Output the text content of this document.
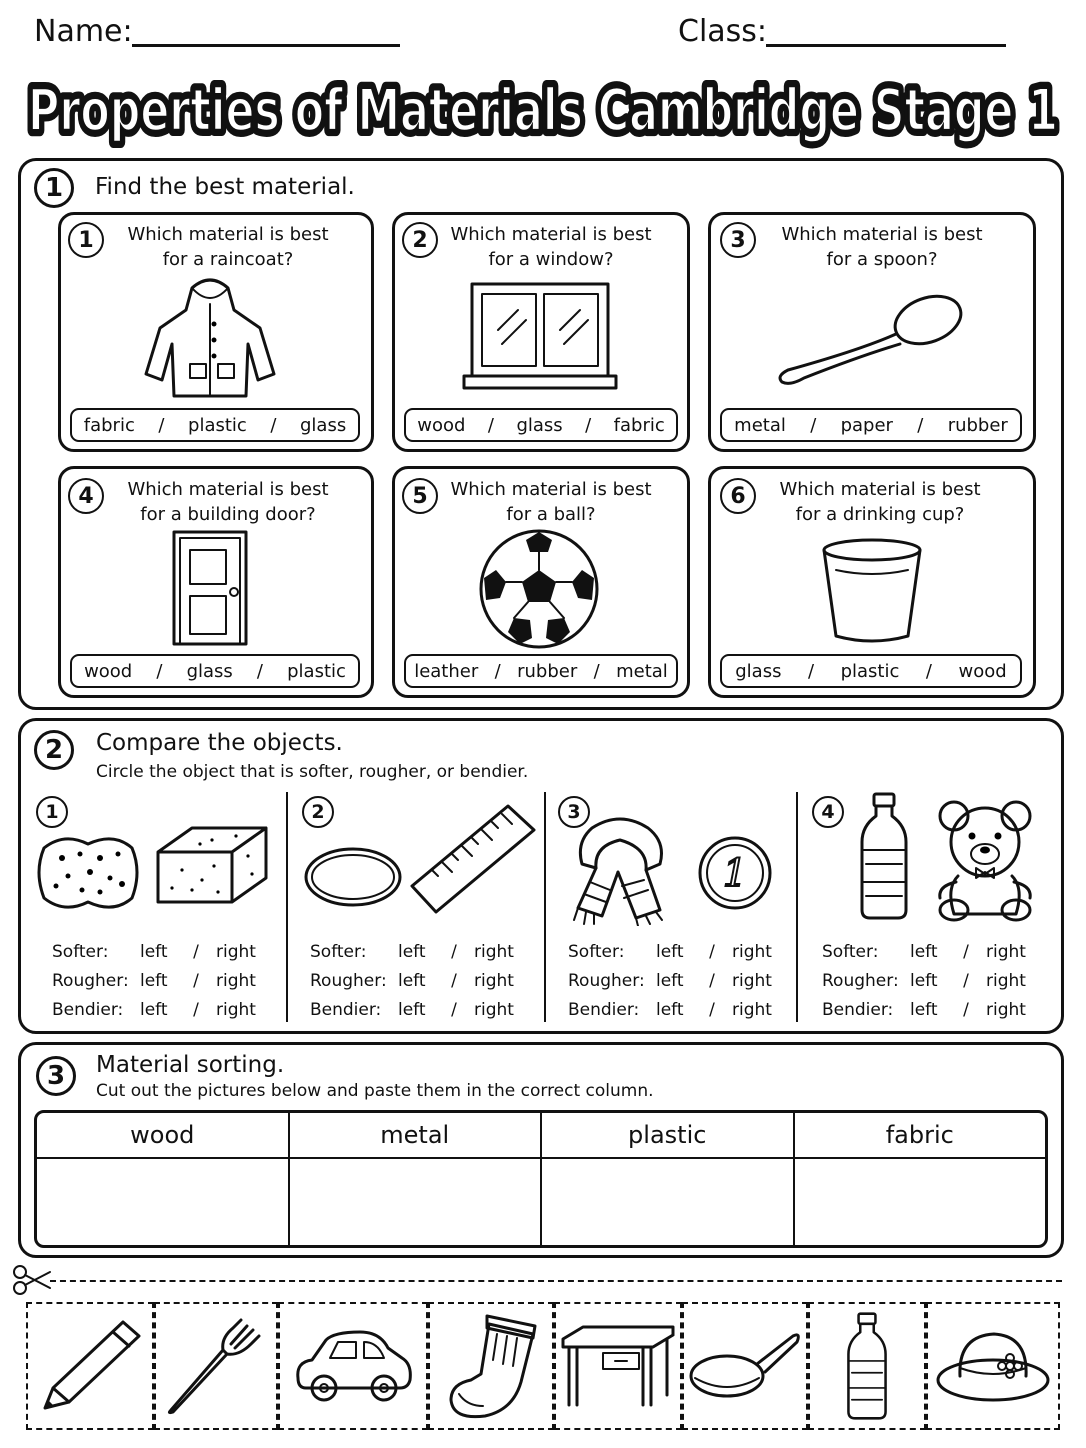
Name:	Class:
Properties of Materials Cambridge Stage 1
Properties of Materials Cambridge Stage 1
1	Find the best material.
1	Which material is best
for a raincoat?
fabric / plastic / glass
2	Which material is best
for a window?
wood / glass / fabric
3	Which material is best
for a spoon?
metal / paper / rubber
4	Which material is best
for a building door?
wood / glass / plastic
5	Which material is best
for a ball?
leather / rubber / metal
6	Which material is best
for a drinking cup?
glass / plastic / wood
2	Compare the objects.
Circle the object that is softer, rougher, or bendier.
1
Softer:	left	/	right
Rougher: left	/	right
Bendier: left	/	right
2
Softer:	left	/	right
Rougher: left	/	right
Bendier: left	/	right
3
1
Softer:	left	/	right
Rougher: left	/	right
Bendier: left	/	right
4
Softer:	left	/	right
Rougher: left	/	right
Bendier: left	/	right
3	Material sorting.
Cut out the pictures below and paste them in the correct column.
wood	metal	plastic	fabric
